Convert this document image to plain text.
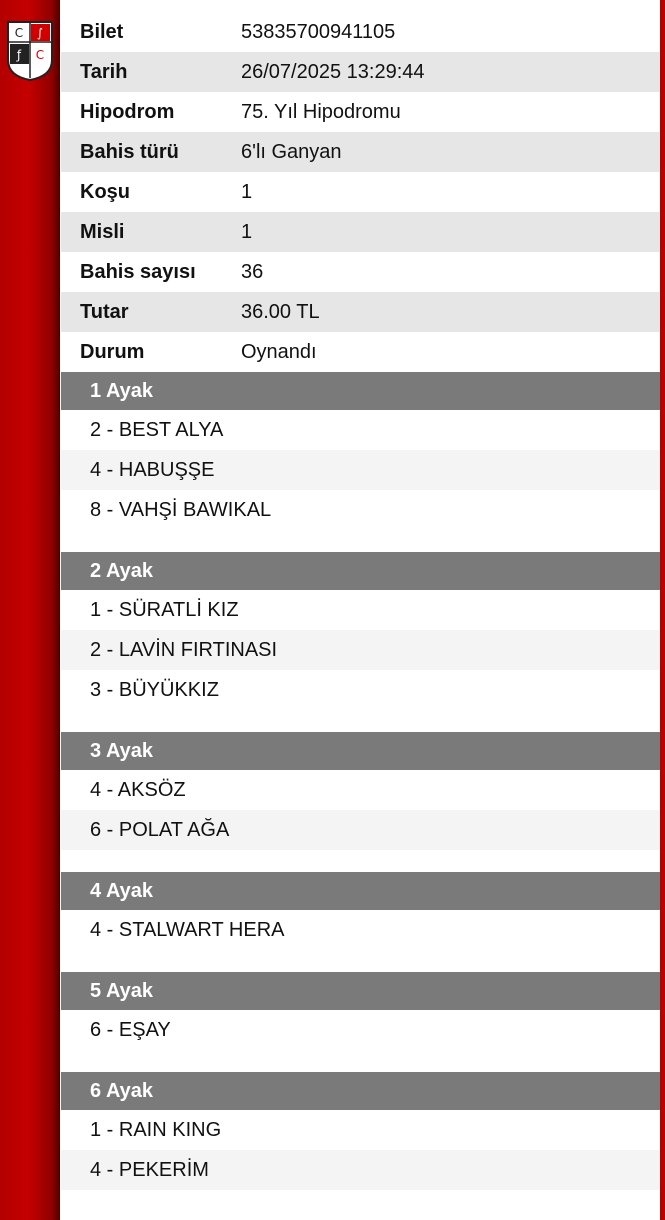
C ∫
ƒ C
Bilet	53835700941105
Tarih	26/07/2025 13:29:44
Hipodrom	75. Yıl Hipodromu
Bahis türü	6'lı Ganyan
Koşu	1
Misli	1
Bahis sayısı	36
Tutar	36.00 TL
Durum	Oynandı
1 Ayak
2 - BEST ALYA
4 - HABUŞŞE
8 - VAHŞİ BAWIKAL
2 Ayak
1 - SÜRATLİ KIZ
2 - LAVİN FIRTINASI
3 - BÜYÜKKIZ
3 Ayak
4 - AKSÖZ
6 - POLAT AĞA
4 Ayak
4 - STALWART HERA
5 Ayak
6 - EŞAY
6 Ayak
1 - RAIN KING
4 - PEKERİM
